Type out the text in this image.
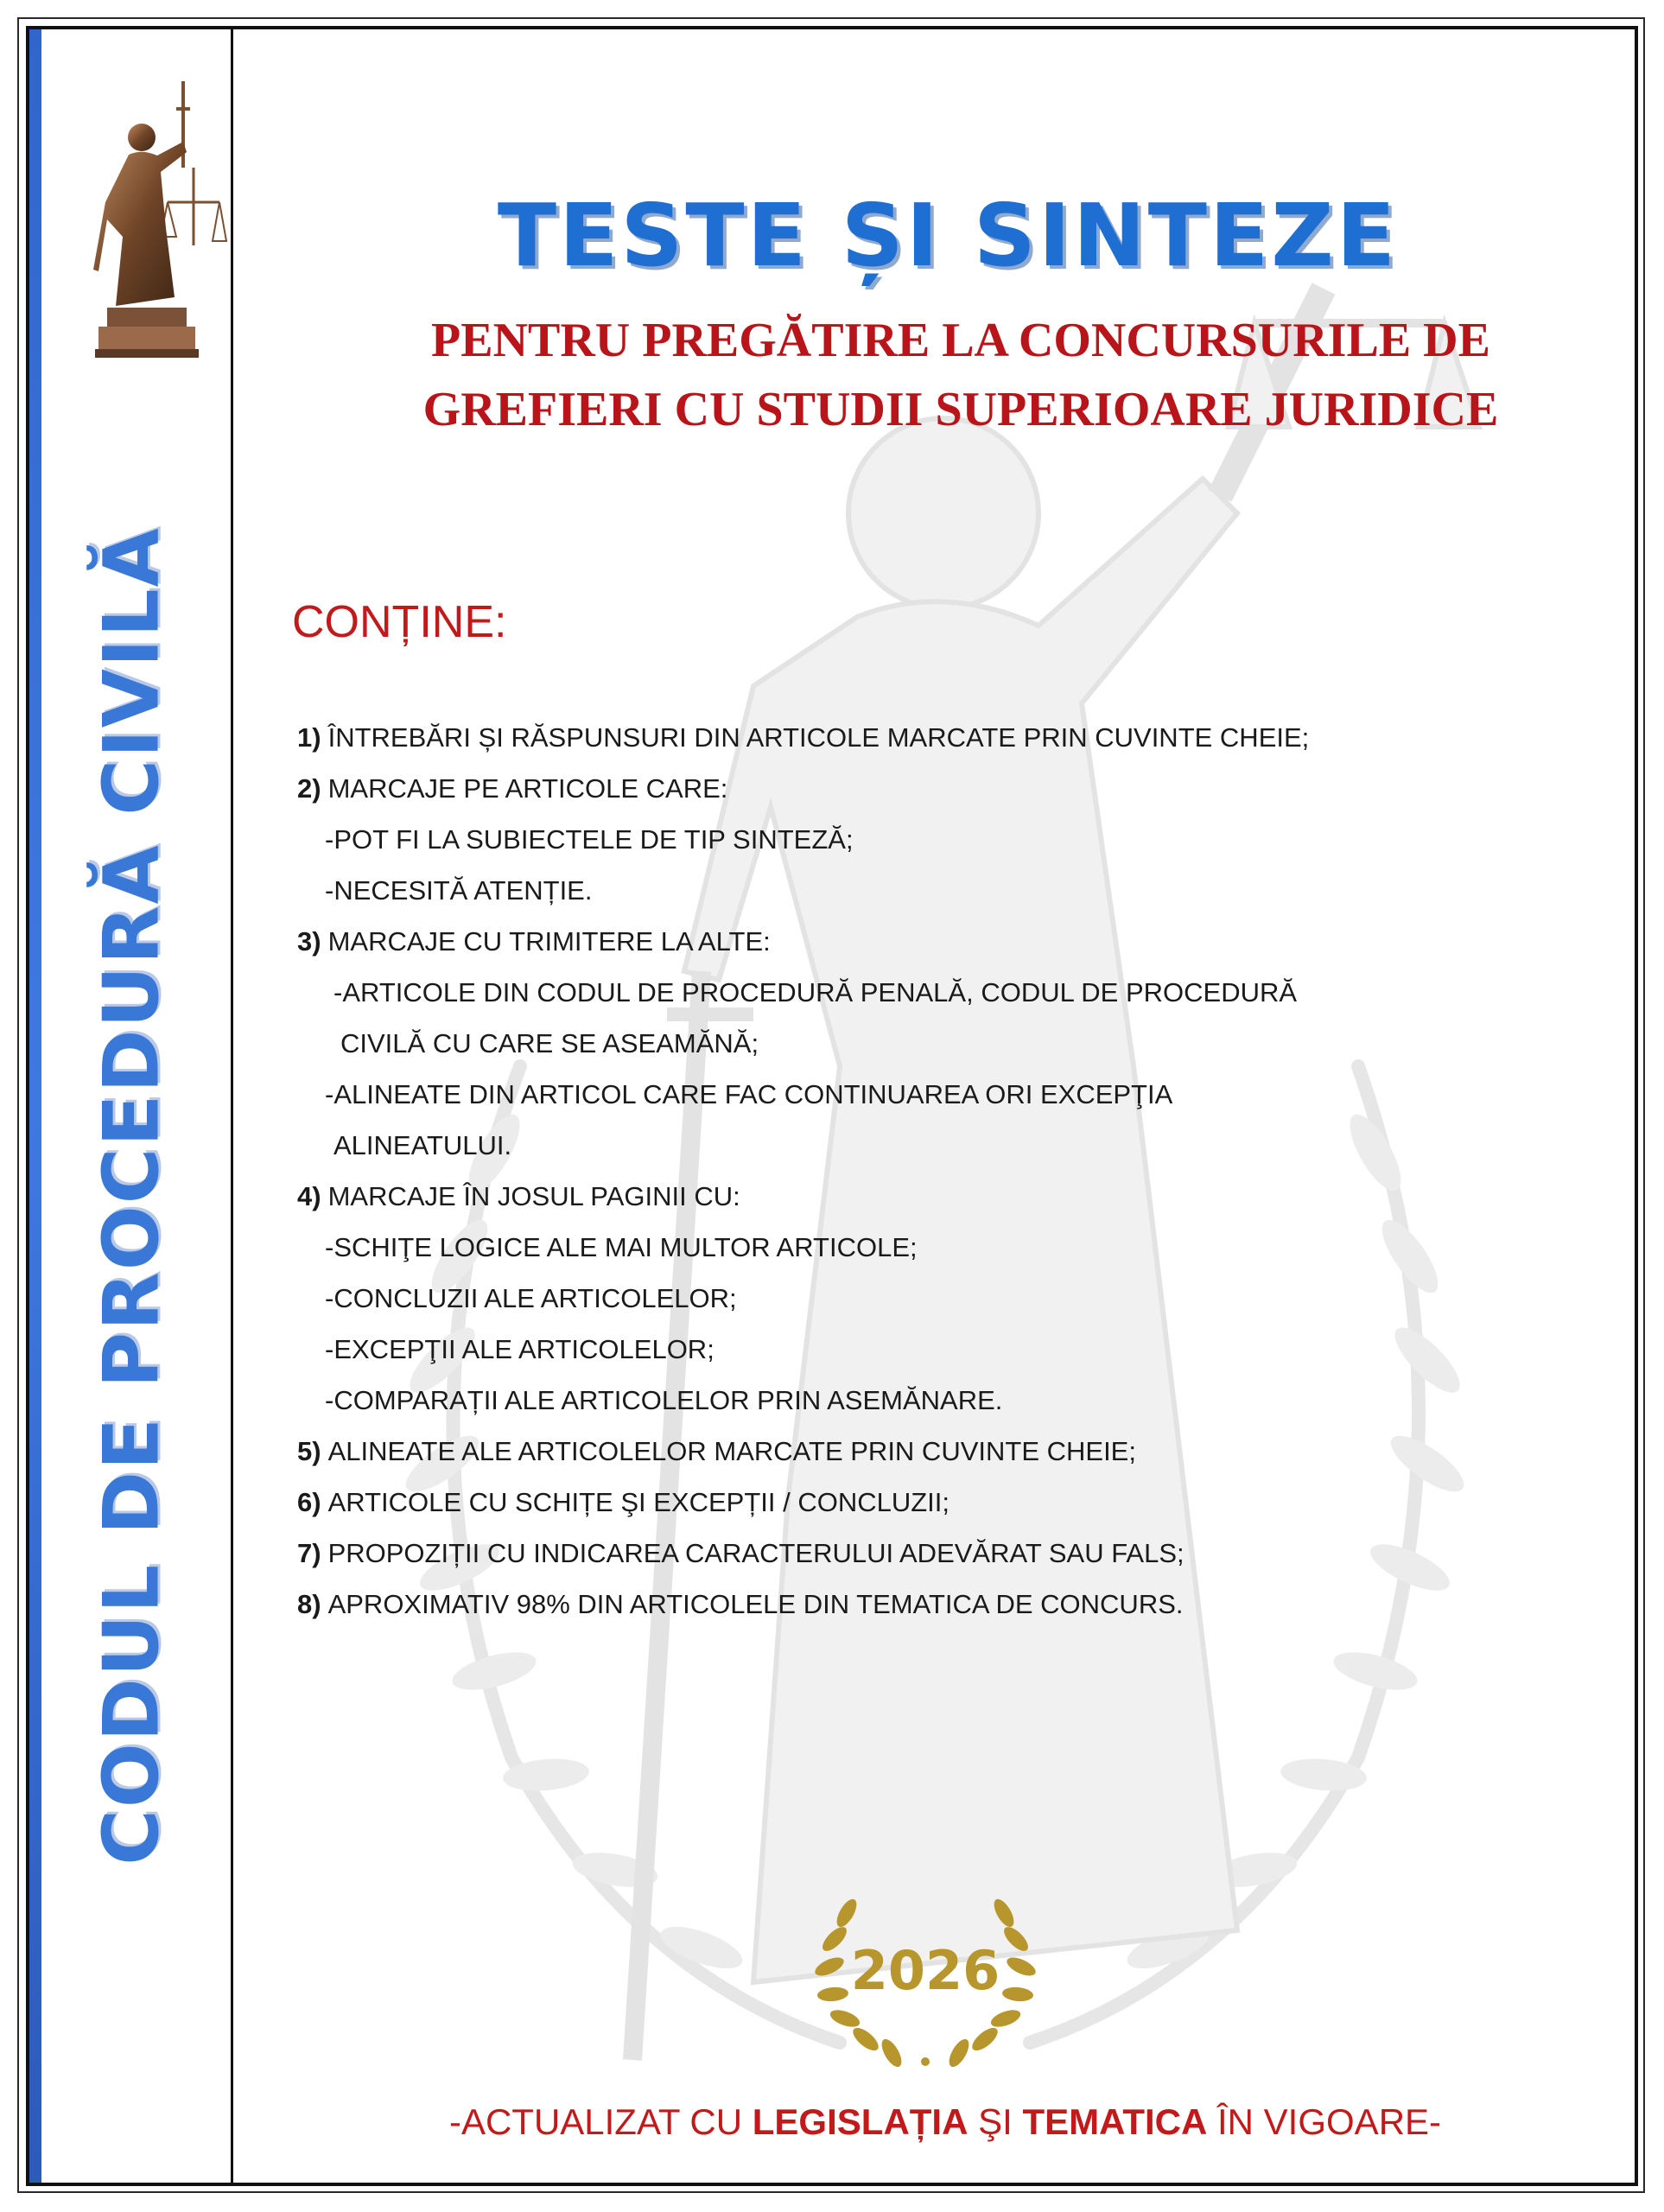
CODUL DE PROCEDURĂ CIVILĂ
TESTE ȘI SINTEZE
PENTRU PREGĂTIRE LA CONCURSURILE DE
GREFIERI CU STUDII SUPERIOARE JURIDICE
CONȚINE:
1) ÎNTREBĂRI ȘI RĂSPUNSURI DIN ARTICOLE MARCATE PRIN CUVINTE CHEIE;
2) MARCAJE PE ARTICOLE CARE:
-POT FI LA SUBIECTELE DE TIP SINTEZĂ;
-NECESITĂ ATENȚIE.
3) MARCAJE CU TRIMITERE LA ALTE:
-ARTICOLE DIN CODUL DE PROCEDURĂ PENALĂ, CODUL DE PROCEDURĂ
CIVILĂ CU CARE SE ASEAMĂNĂ;
-ALINEATE DIN ARTICOL CARE FAC CONTINUAREA ORI EXCEPŢIA
ALINEATULUI.
4) MARCAJE ÎN JOSUL PAGINII CU:
-SCHIŢE LOGICE ALE MAI MULTOR ARTICOLE;
-CONCLUZII ALE ARTICOLELOR;
-EXCEPŢII ALE ARTICOLELOR;
-COMPARAȚII ALE ARTICOLELOR PRIN ASEMĂNARE.
5) ALINEATE ALE ARTICOLELOR MARCATE PRIN CUVINTE CHEIE;
6) ARTICOLE CU SCHIȚE ŞI EXCEPȚII / CONCLUZII;
7) PROPOZIȚII CU INDICAREA CARACTERULUI ADEVĂRAT SAU FALS;
8) APROXIMATIV 98% DIN ARTICOLELE DIN TEMATICA DE CONCURS.
2026
-ACTUALIZAT CU LEGISLAȚIA ŞI TEMATICA ÎN VIGOARE-
